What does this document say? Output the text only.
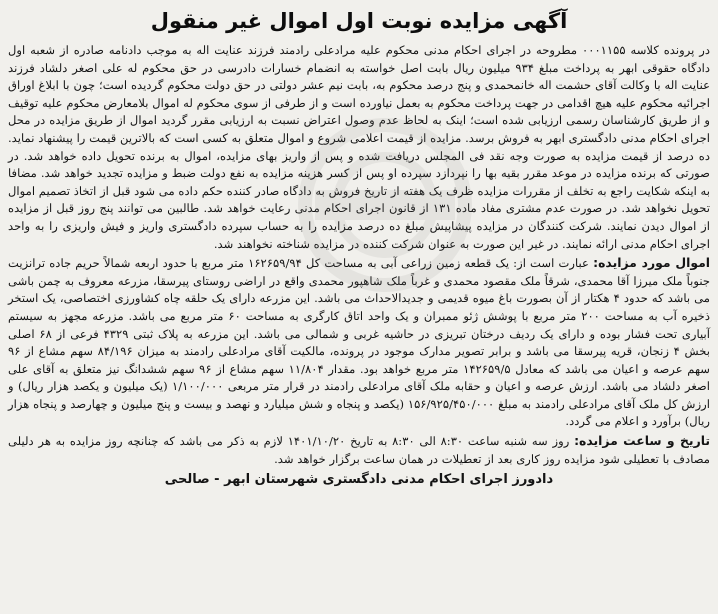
آگهی مزایده نوبت اول اموال غیر منقول

در پرونده کلاسه ۰۰۰۱۱۵۵ مطروحه در اجرای احکام مدنی محکوم علیه مرادعلی رادمند فرزند عنایت اله به موجب دادنامه صادره از شعبه اول دادگاه حقوقی ابهر به پرداخت مبلغ ۹۳۴ میلیون ریال بابت اصل خواسته به انضمام خسارات دادرسی در حق محکوم له علی اصغر دلشاد فرزند عنایت اله با وکالت آقای حشمت اله خانمحمدی و پنج درصد محکوم به، بابت نیم عشر دولتی در حق دولت محکوم گردیده است؛ چون با ابلاغ اوراق اجرائیه محکوم علیه هیچ اقدامی در جهت پرداخت محکوم به بعمل نیاورده است و از طرفی از سوی محکوم له اموال بلامعارض محکوم علیه توقیف و از طریق کارشناسان رسمی ارزیابی شده است؛ اینک به لحاظ عدم وصول اعتراض نسبت به ارزیابی مقرر گردید اموال از طریق مزایده در محل اجرای احکام مدنی دادگستری ابهر به فروش برسد. مزایده از قیمت اعلامی شروع و اموال متعلق به کسی است که بالاترین قیمت را پیشنهاد نماید. ده درصد از قیمت مزایده به صورت وجه نقد فی المجلس دریافت شده و پس از واریز بهای مزایده، اموال به برنده تحویل داده خواهد شد. در صورتی که برنده مزایده در موعد مقرر بقیه بها را نپردازد سپرده او پس از کسر هزینه مزایده به نفع دولت ضبط و مزایده تجدید خواهد شد. مضافا به اینکه شکایت راجع به تخلف از مقررات مزایده ظرف یک هفته از تاریخ فروش به دادگاه صادر کننده حکم داده می شود قبل از اتخاذ تصمیم اموال تحویل نخواهد شد. در صورت عدم مشتری مفاد ماده ۱۳۱ از قانون اجرای احکام مدنی رعایت خواهد شد. طالبین می توانند پنج روز قبل از مزایده از اموال دیدن نمایند. شرکت کنندگان در مزایده پیشاپیش مبلغ ده درصد مزایده را به حساب سپرده دادگستری واریز و فیش واریزی را به واحد اجرای احکام مدنی ارائه نمایند. در غیر این صورت به عنوان شرکت کننده در مزایده شناخته نخواهند شد.

اموال مورد مزایده: عبارت است از: یک قطعه زمین زراعی آبی به مساحت کل ۱۶۲۶۵۹/۹۴ متر مربع با حدود اربعه شمالاً حریم جاده ترانزیت جنوباً ملک میرزا آقا محمدی، شرقاً ملک مقصود محمدی و غرباً ملک شاهپور محمدی واقع در اراضی روستای پیرسقا، مزرعه معروف به چمن باشی می باشد که حدود ۴ هکتار از آن بصورت باغ میوه قدیمی و جدیدالاحداث می باشد. این مزرعه دارای یک حلقه چاه کشاورزی اختصاصی، یک استخر ذخیره آب به مساحت ۲۰۰ متر مربع با پوشش ژئو ممبران و یک واحد اتاق کارگری به مساحت ۶۰ متر مربع می باشد. مزرعه مجهز به سیستم آبیاری تحت فشار بوده و دارای یک ردیف درختان تبریزی در حاشیه غربی و شمالی می باشد. این مزرعه به پلاک ثبتی ۴۳۲۹ فرعی از ۶۸ اصلی بخش ۴ زنجان، قریه پیرسقا می باشد و برابر تصویر مدارک موجود در پرونده، مالکیت آقای مرادعلی رادمند به میزان ۸۴/۱۹۶ سهم مشاع از ۹۶ سهم عرصه و اعیان می باشد که معادل ۱۴۲۶۵۹/۵ متر مربع خواهد بود. مقدار ۱۱/۸۰۴ سهم مشاع از ۹۶ سهم ششدانگ نیز متعلق به آقای علی اصغر دلشاد می باشد. ارزش عرصه و اعیان و حقابه ملک آقای مرادعلی رادمند در قرار متر مربعی ۱/۱۰۰/۰۰۰ (یک میلیون و یکصد هزار ریال) و ارزش کل ملک آقای مرادعلی رادمند به مبلغ ۱۵۶/۹۲۵/۴۵۰/۰۰۰ (یکصد و پنجاه و شش میلیارد و نهصد و بیست و پنج میلیون و چهارصد و پنجاه هزار ریال) برآورد و اعلام می گردد.

تاریخ و ساعت مزایده: روز سه شنبه ساعت ۸:۳۰ الی ۸:۳۰ به تاریخ ۱۴۰۱/۱۰/۲۰ لازم به ذکر می باشد که چنانچه روز مزایده به هر دلیلی مصادف با تعطیلی شود مزایده روز کاری بعد از تعطیلات در همان ساعت برگزار خواهد شد.

دادورز اجرای احکام مدنی دادگستری شهرستان ابهر - صالحی
